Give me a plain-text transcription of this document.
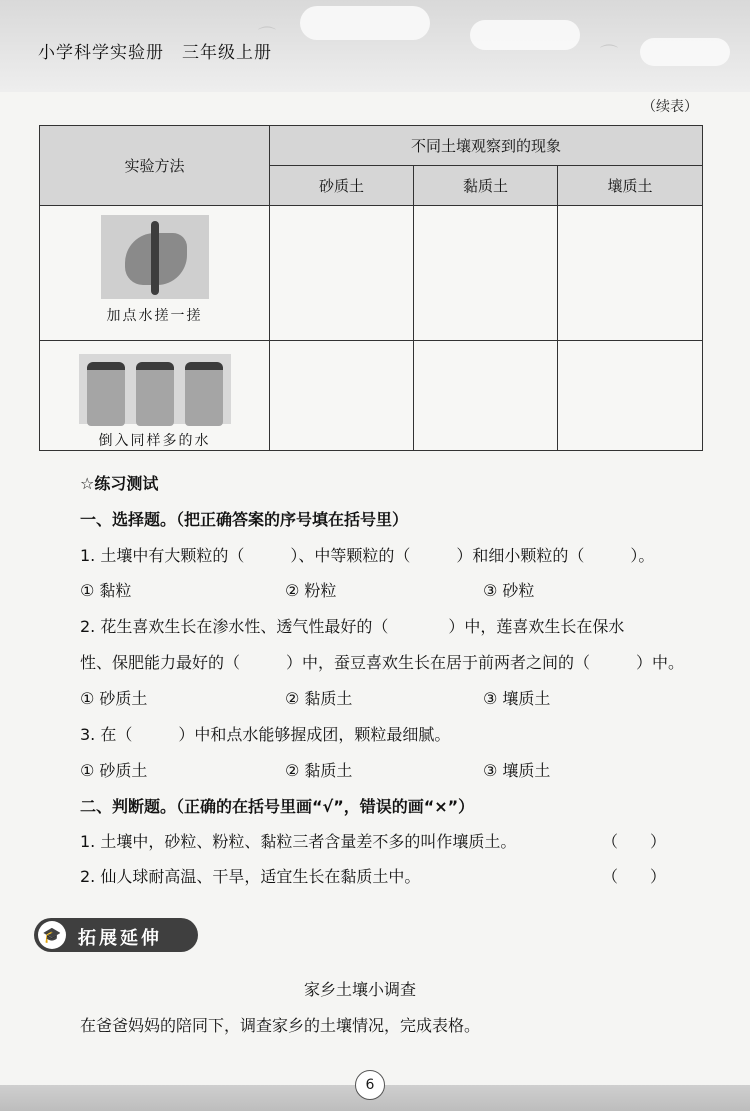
⌒
⌒
小学科学实验册　三年级上册
（续表）
实验方法	不同土壤观察到的现象		
	砂质土	黏质土	壤质土

加点水搓一搓			

倒入同样多的水			

☆练习测试
一、选择题。（把正确答案的序号填在括号里）
1. 土壤中有大颗粒的（	）、中等颗粒的（	）和细小颗粒的（	）。
① 黏粒	② 粉粒	③ 砂粒
2. 花生喜欢生长在渗水性、透气性最好的（	）中，莲喜欢生长在保水
性、保肥能力最好的（	）中，蚕豆喜欢生长在居于前两者之间的（	）中。
① 砂质土	② 黏质土	③ 壤质土
3. 在（	）中和点水能够握成团，颗粒最细腻。
① 砂质土	② 黏质土	③ 壤质土
二、判断题。（正确的在括号里画“√”，错误的画“×”）
1. 土壤中，砂粒、粉粒、黏粒三者含量差不多的叫作壤质土。	（　　）
2. 仙人球耐高温、干旱，适宜生长在黏质土中。	（　　）
🎓 拓展延伸
家乡土壤小调查
在爸爸妈妈的陪同下，调查家乡的土壤情况，完成表格。
6
